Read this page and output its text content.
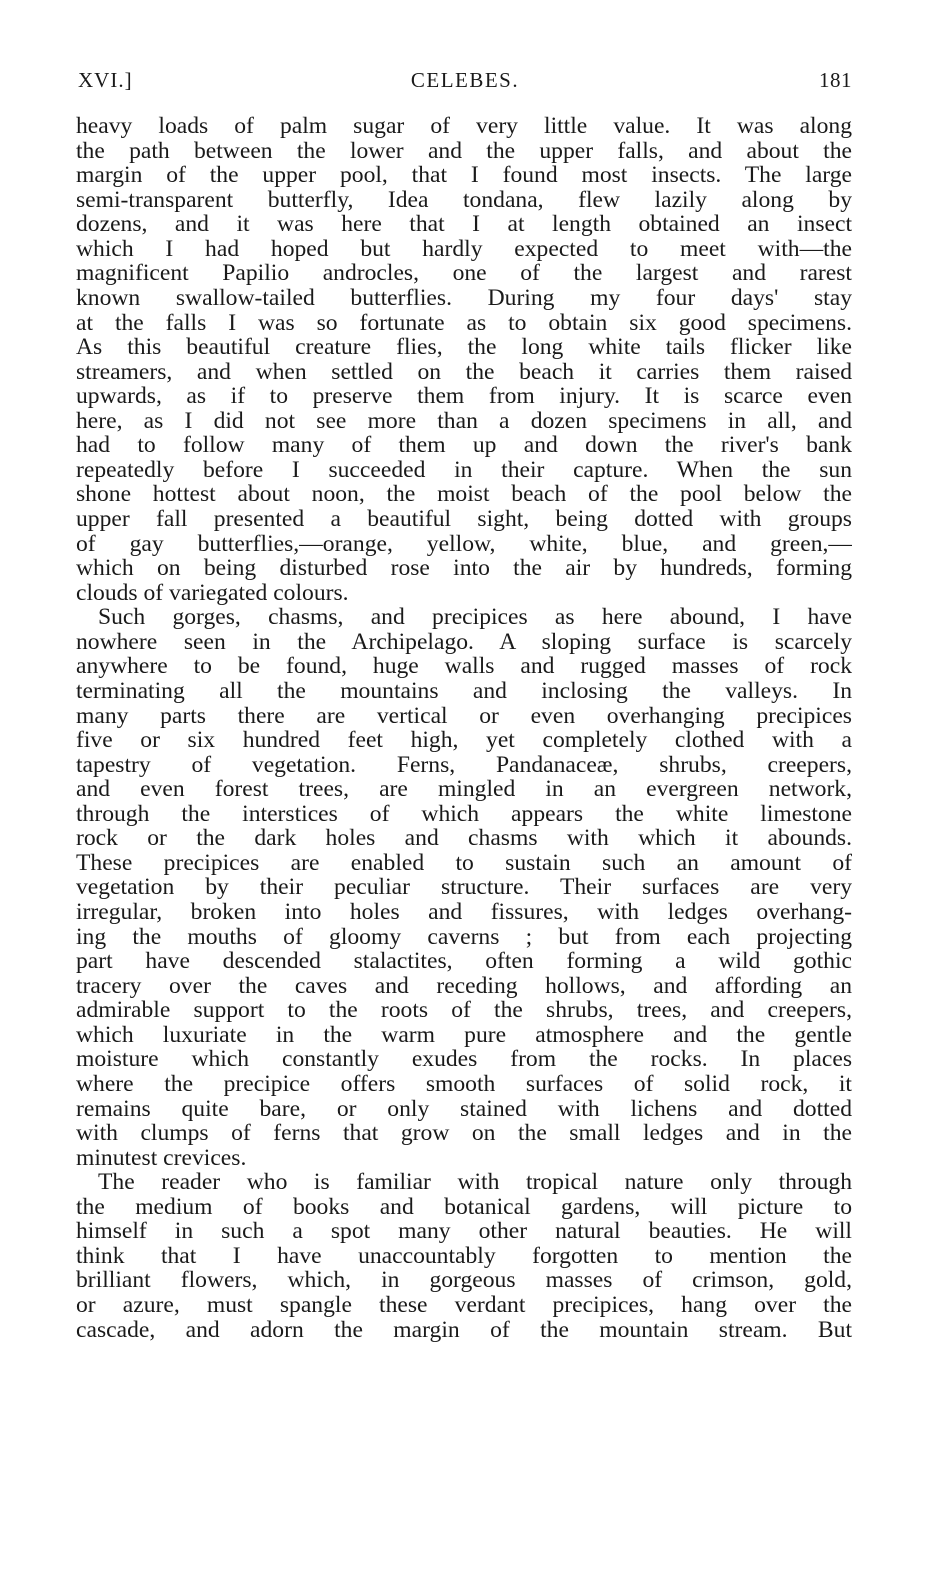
XVI.]	CELEBES.	181
heavy loads of palm sugar of very little value. It was along
the path between the lower and the upper falls, and about the
margin of the upper pool, that I found most insects. The large
semi-transparent butterfly, Idea tondana, flew lazily along by
dozens, and it was here that I at length obtained an insect
which I had hoped but hardly expected to meet with—the
magnificent Papilio androcles, one of the largest and rarest
known swallow-tailed butterflies. During my four days' stay
at the falls I was so fortunate as to obtain six good specimens.
As this beautiful creature flies, the long white tails flicker like
streamers, and when settled on the beach it carries them raised
upwards, as if to preserve them from injury. It is scarce even
here, as I did not see more than a dozen specimens in all, and
had to follow many of them up and down the river's bank
repeatedly before I succeeded in their capture. When the sun
shone hottest about noon, the moist beach of the pool below the
upper fall presented a beautiful sight, being dotted with groups
of gay butterflies,—orange, yellow, white, blue, and green,—
which on being disturbed rose into the air by hundreds, forming
clouds of variegated colours.
Such gorges, chasms, and precipices as here abound, I have
nowhere seen in the Archipelago. A sloping surface is scarcely
anywhere to be found, huge walls and rugged masses of rock
terminating all the mountains and inclosing the valleys. In
many parts there are vertical or even overhanging precipices
five or six hundred feet high, yet completely clothed with a
tapestry of vegetation. Ferns, Pandanaceæ, shrubs, creepers,
and even forest trees, are mingled in an evergreen network,
through the interstices of which appears the white limestone
rock or the dark holes and chasms with which it abounds.
These precipices are enabled to sustain such an amount of
vegetation by their peculiar structure. Their surfaces are very
irregular, broken into holes and fissures, with ledges overhang-
ing the mouths of gloomy caverns ; but from each projecting
part have descended stalactites, often forming a wild gothic
tracery over the caves and receding hollows, and affording an
admirable support to the roots of the shrubs, trees, and creepers,
which luxuriate in the warm pure atmosphere and the gentle
moisture which constantly exudes from the rocks. In places
where the precipice offers smooth surfaces of solid rock, it
remains quite bare, or only stained with lichens and dotted
with clumps of ferns that grow on the small ledges and in the
minutest crevices.
The reader who is familiar with tropical nature only through
the medium of books and botanical gardens, will picture to
himself in such a spot many other natural beauties. He will
think that I have unaccountably forgotten to mention the
brilliant flowers, which, in gorgeous masses of crimson, gold,
or azure, must spangle these verdant precipices, hang over the
cascade, and adorn the margin of the mountain stream. But
